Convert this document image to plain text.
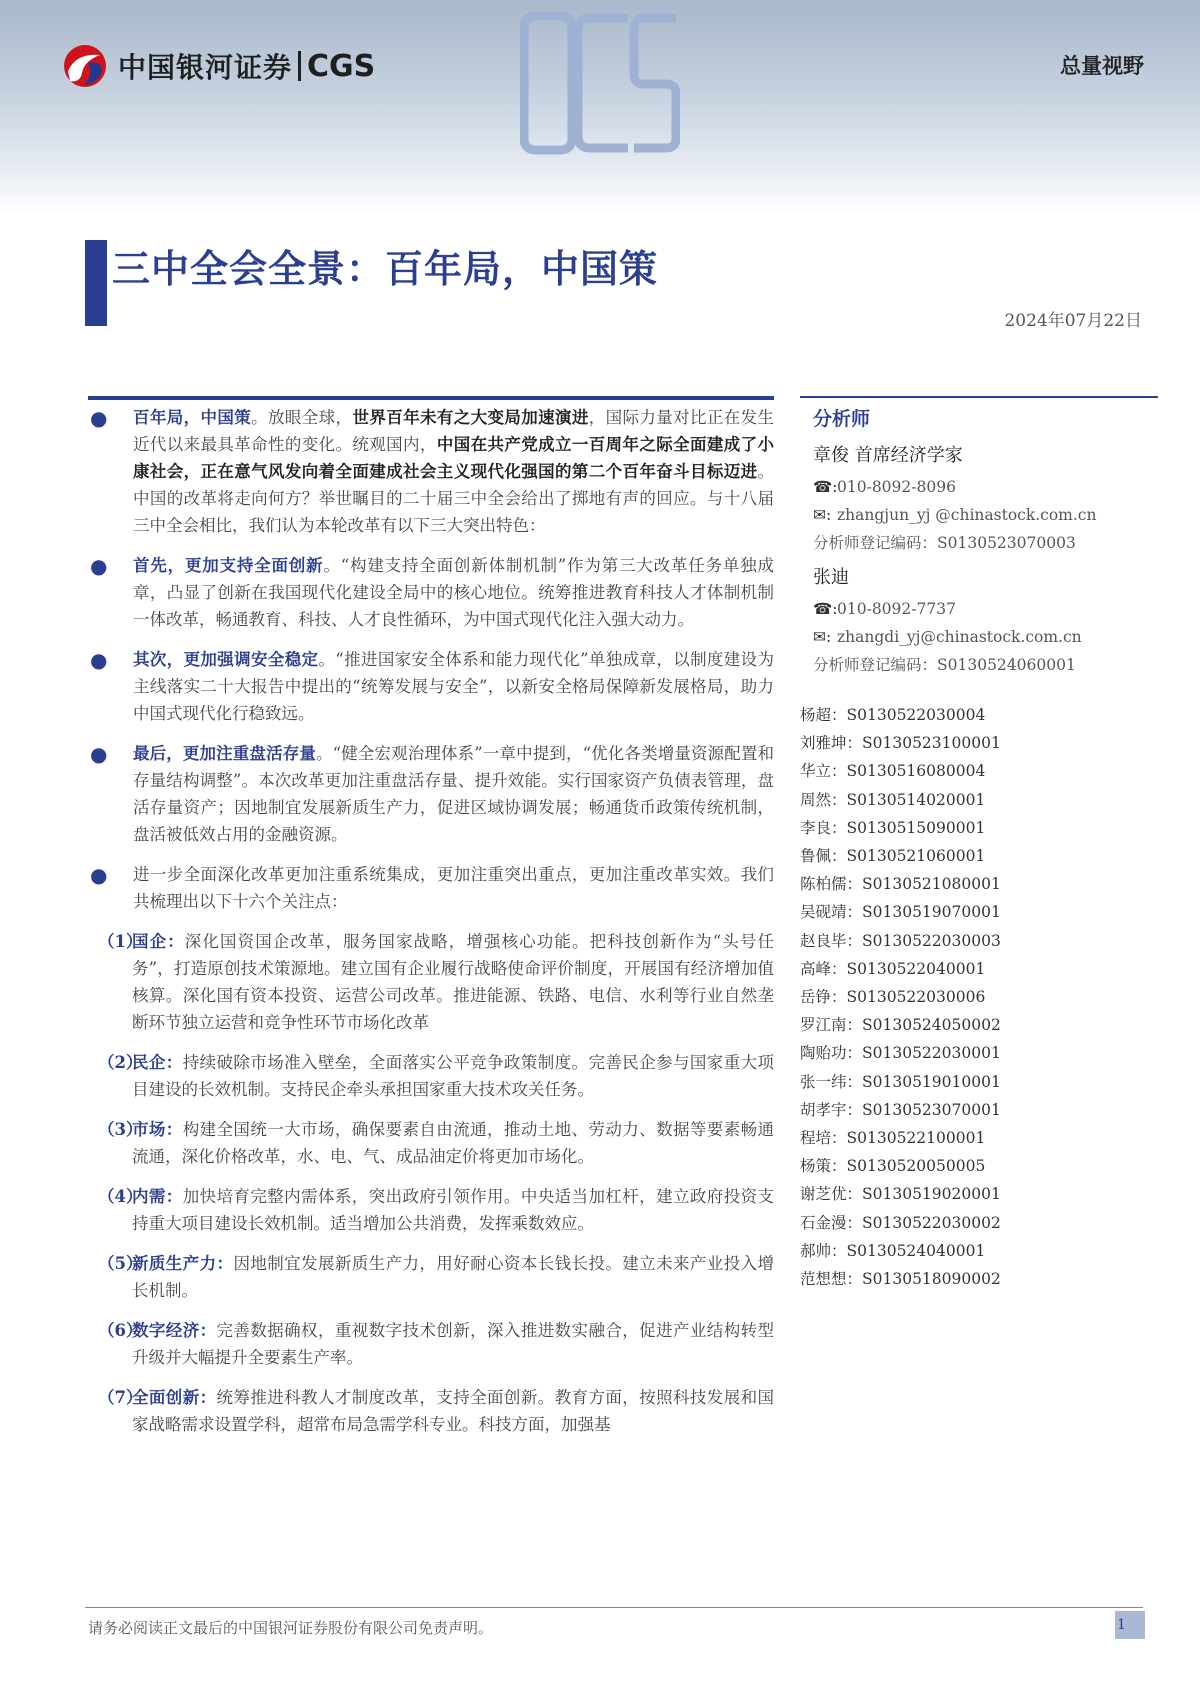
中国银河证券 CGS	总量视野
三中全会全景：百年局，中国策
2024年07月22日

● 百年局，中国策。放眼全球，世界百年未有之大变局加速演进，国际力量对比正在发生近代以来最具革命性的变化。统观国内，中国在共产党成立一百周年之际全面建成了小康社会，正在意气风发向着全面建成社会主义现代化强国的第二个百年奋斗目标迈进。中国的改革将走向何方？举世瞩目的二十届三中全会给出了掷地有声的回应。与十八届三中全会相比，我们认为本轮改革有以下三大突出特色：

● 首先，更加支持全面创新。“构建支持全面创新体制机制”作为第三大改革任务单独成章，凸显了创新在我国现代化建设全局中的核心地位。统筹推进教育科技人才体制机制一体改革，畅通教育、科技、人才良性循环，为中国式现代化注入强大动力。

● 其次，更加强调安全稳定。“推进国家安全体系和能力现代化”单独成章，以制度建设为主线落实二十大报告中提出的“统筹发展与安全”，以新安全格局保障新发展格局，助力中国式现代化行稳致远。

● 最后，更加注重盘活存量。“健全宏观治理体系”一章中提到，“优化各类增量资源配置和存量结构调整”。本次改革更加注重盘活存量、提升效能。实行国家资产负债表管理，盘活存量资产；因地制宜发展新质生产力，促进区域协调发展；畅通货币政策传统机制，盘活被低效占用的金融资源。

● 进一步全面深化改革更加注重系统集成，更加注重突出重点，更加注重改革实效。我们共梳理出以下十六个关注点：

（1）
国企：深化国资国企改革，服务国家战略，增强核心功能。把科技创新作为“头号任务”，打造原创技术策源地。建立国有企业履行战略使命评价制度，开展国有经济增加值核算。深化国有资本投资、运营公司改革。推进能源、铁路、电信、水利等行业自然垄断环节独立运营和竞争性环节市场化改革
（2）
民企：持续破除市场准入壁垒，全面落实公平竞争政策制度。完善民企参与国家重大项目建设的长效机制。支持民企牵头承担国家重大技术攻关任务。
（3）
市场：构建全国统一大市场，确保要素自由流通，推动土地、劳动力、数据等要素畅通流通，深化价格改革，水、电、气、成品油定价将更加市场化。
（4）
内需：加快培育完整内需体系，突出政府引领作用。中央适当加杠杆，建立政府投资支持重大项目建设长效机制。适当增加公共消费，发挥乘数效应。
（5）
新质生产力：因地制宜发展新质生产力，用好耐心资本长钱长投。建立未来产业投入增长机制。
（6）
数字经济：完善数据确权，重视数字技术创新，深入推进数实融合，促进产业结构转型升级并大幅提升全要素生产率。
（7）
全面创新：统筹推进科教人才制度改革，支持全面创新。教育方面，按照科技发展和国家战略需求设置学科，超常布局急需学科专业。科技方面，加强基
分析师
章俊 首席经济学家
☎:010-8092-8096
✉: zhangjun_yj @chinastock.com.cn
分析师登记编码：S0130523070003
张迪
☎:010-8092-7737
✉: zhangdi_yj@chinastock.com.cn
分析师登记编码：S0130524060001
杨超：S0130522030004
刘雅坤：S0130523100001
华立：S0130516080004
周然：S0130514020001
李良：S0130515090001
鲁佩：S0130521060001
陈柏儒：S0130521080001
吴砚靖：S0130519070001
赵良毕：S0130522030003
高峰：S0130522040001
岳铮：S0130522030006
罗江南：S0130524050002
陶贻功：S0130522030001
张一纬：S0130519010001
胡孝宇：S0130523070001
程培：S0130522100001
杨策：S0130520050005
谢芝优：S0130519020001
石金漫：S0130522030002
郝帅：S0130524040001
范想想：S0130518090002
请务必阅读正文最后的中国银河证券股份有限公司免责声明。	1
